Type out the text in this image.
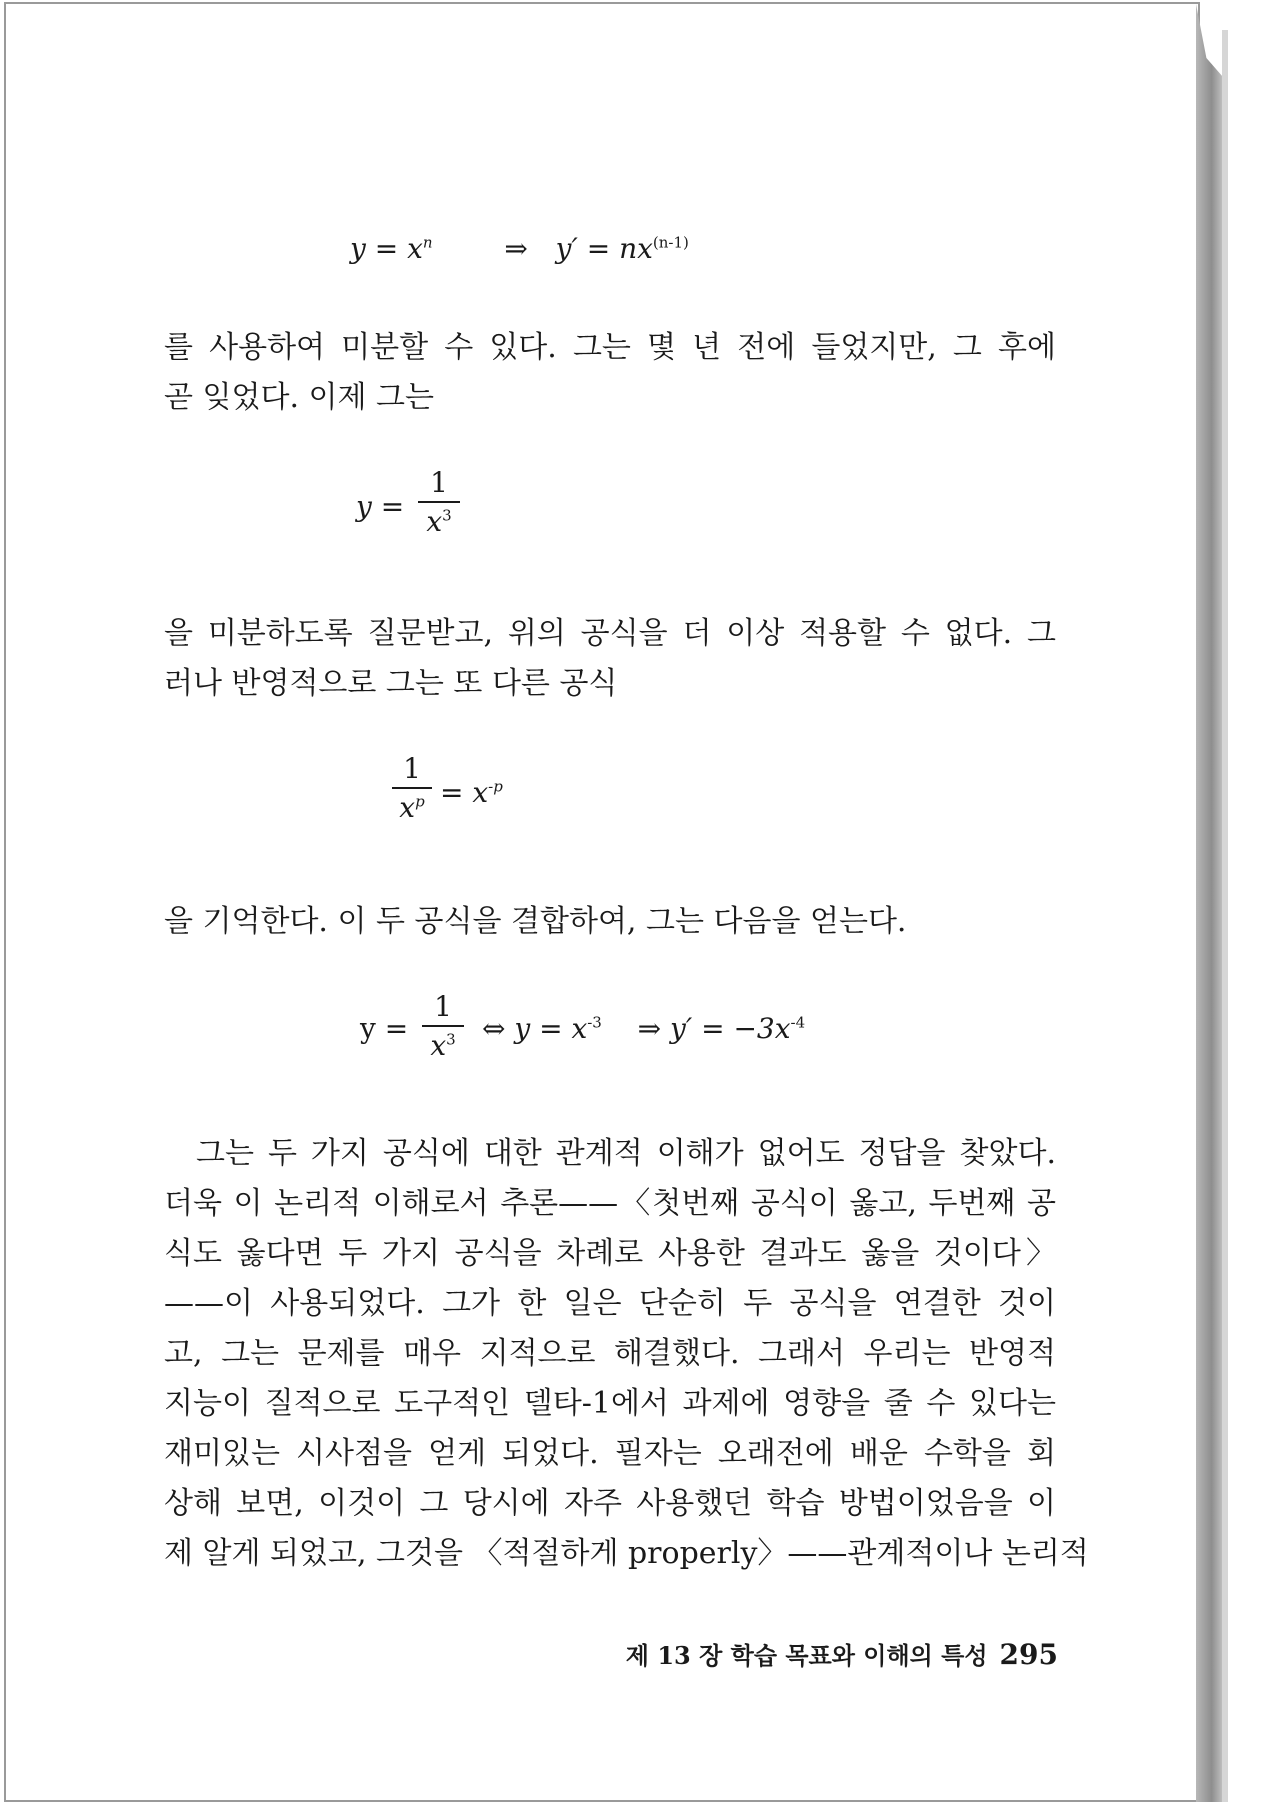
$y = x^n$	⇒ $y' = nx^{(n-1)}$
를 사용하여 미분할 수 있다. 그는 몇 년 전에 들었지만, 그 후에
곧 잊었다. 이제 그는
y =
1
$x^3$
을 미분하도록 질문받고, 위의 공식을 더 이상 적용할 수 없다. 그
러나 반영적으로 그는 또 다른 공식
1
$x^p = x^{-p}$
을 기억한다. 이 두 공식을 결합하여, 그는 다음을 얻는다.
y =
1
$x^3$ ⇔ $y = x^{-3}$ ⇒ $y' = -3x^{-4}$
그는 두 가지 공식에 대한 관계적 이해가 없어도 정답을 찾았다.
더욱 이 논리적 이해로서 추론——〈첫번째 공식이 옳고, 두번째 공
식도 옳다면 두 가지 공식을 차례로 사용한 결과도 옳을 것이다〉
——이 사용되었다. 그가 한 일은 단순히 두 공식을 연결한 것이
고, 그는 문제를 매우 지적으로 해결했다. 그래서 우리는 반영적
지능이 질적으로 도구적인 델타-1에서 과제에 영향을 줄 수 있다는
재미있는 시사점을 얻게 되었다. 필자는 오래전에 배운 수학을 회
상해 보면, 이것이 그 당시에 자주 사용했던 학습 방법이었음을 이
제 알게 되었고, 그것을 〈적절하게 properly〉——관계적이나 논리적
제 13 장 학습 목표와 이해의 특성 295
